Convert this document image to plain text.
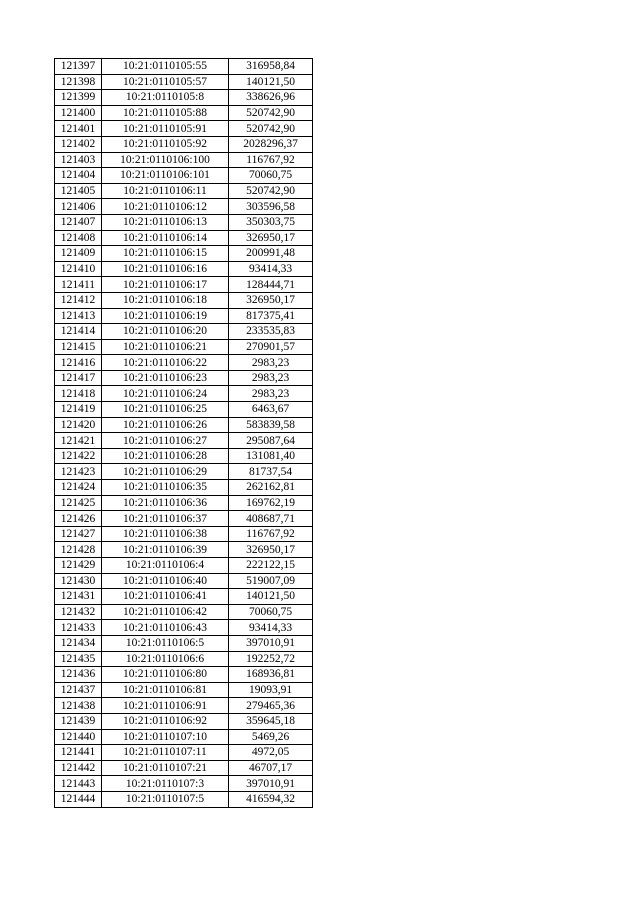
121397	10:21:0110105:55	316958,84
121398	10:21:0110105:57	140121,50
121399	10:21:0110105:8	338626,96
121400	10:21:0110105:88	520742,90
121401	10:21:0110105:91	520742,90
121402	10:21:0110105:92	2028296,37
121403	10:21:0110106:100	116767,92
121404	10:21:0110106:101	70060,75
121405	10:21:0110106:11	520742,90
121406	10:21:0110106:12	303596,58
121407	10:21:0110106:13	350303,75
121408	10:21:0110106:14	326950,17
121409	10:21:0110106:15	200991,48
121410	10:21:0110106:16	93414,33
121411	10:21:0110106:17	128444,71
121412	10:21:0110106:18	326950,17
121413	10:21:0110106:19	817375,41
121414	10:21:0110106:20	233535,83
121415	10:21:0110106:21	270901,57
121416	10:21:0110106:22	2983,23
121417	10:21:0110106:23	2983,23
121418	10:21:0110106:24	2983,23
121419	10:21:0110106:25	6463,67
121420	10:21:0110106:26	583839,58
121421	10:21:0110106:27	295087,64
121422	10:21:0110106:28	131081,40
121423	10:21:0110106:29	81737,54
121424	10:21:0110106:35	262162,81
121425	10:21:0110106:36	169762,19
121426	10:21:0110106:37	408687,71
121427	10:21:0110106:38	116767,92
121428	10:21:0110106:39	326950,17
121429	10:21:0110106:4	222122,15
121430	10:21:0110106:40	519007,09
121431	10:21:0110106:41	140121,50
121432	10:21:0110106:42	70060,75
121433	10:21:0110106:43	93414,33
121434	10:21:0110106:5	397010,91
121435	10:21:0110106:6	192252,72
121436	10:21:0110106:80	168936,81
121437	10:21:0110106:81	19093,91
121438	10:21:0110106:91	279465,36
121439	10:21:0110106:92	359645,18
121440	10:21:0110107:10	5469,26
121441	10:21:0110107:11	4972,05
121442	10:21:0110107:21	46707,17
121443	10:21:0110107:3	397010,91
121444	10:21:0110107:5	416594,32
